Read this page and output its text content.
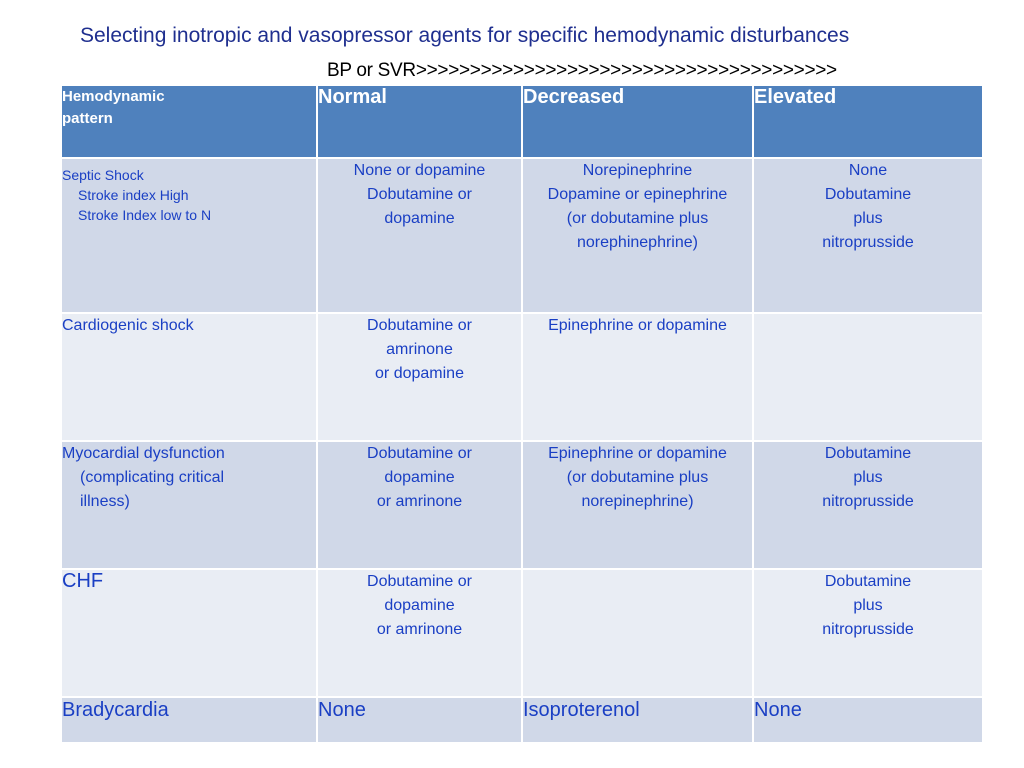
Selecting inotropic and vasopressor agents for specific hemodynamic disturbances
BP or SVR>>>>>>>>>>>>>>>>>>>>>>>>>>>>>>>>>>>>>>>
Hemodynamic
pattern	Normal	Decreased	Elevated

Septic Shock
Stroke index High
Stroke Index low to N	None or dopamine
Dobutamine or
dopamine	Norepinephrine
Dopamine or epinephrine
(or dobutamine plus
norephinephrine)	None
Dobutamine
plus
nitroprusside

Cardiogenic shock	Dobutamine or
amrinone
or dopamine	Epinephrine or dopamine	

Myocardial dysfunction
(complicating critical
illness)	Dobutamine or
dopamine
or amrinone	Epinephrine or dopamine
(or dobutamine plus
norepinephrine)	Dobutamine
plus
nitroprusside

CHF	Dobutamine or
dopamine
or amrinone		Dobutamine
plus
nitroprusside

Bradycardia	None	Isoproterenol	None
